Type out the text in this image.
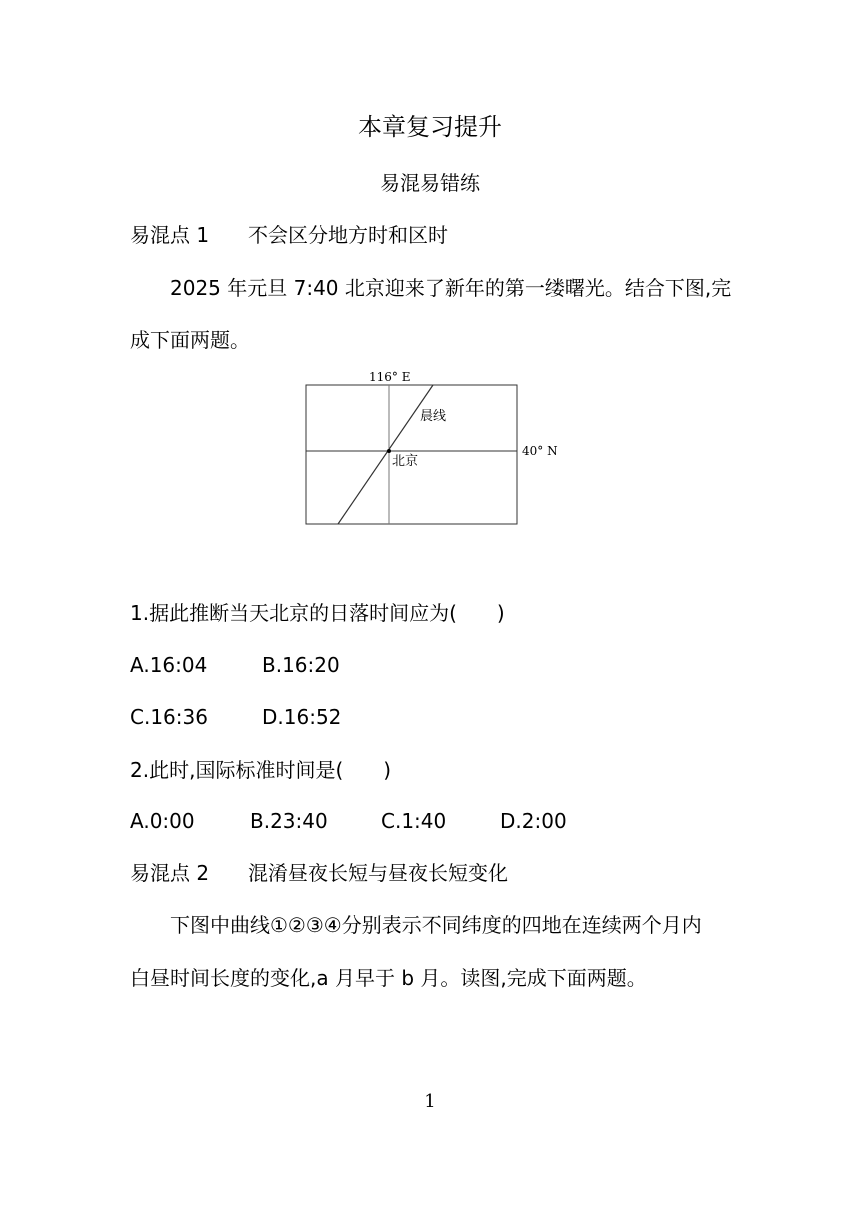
本章复习提升
易混易错练
易混点 1 不会区分地方时和区时
2025 年元旦 7:40 北京迎来了新年的第一缕曙光。结合下图,完
成下面两题。
116° E
40° N
晨线
北京
1.据此推断当天北京的日落时间应为(　　)
A.16:04	B.16:20
C.16:36	D.16:52
2.此时,国际标准时间是(　　)
A.0:00	B.23:40	C.1:40	D.2:00
易混点 2 混淆昼夜长短与昼夜长短变化
下图中曲线①②③④分别表示不同纬度的四地在连续两个月内
白昼时间长度的变化,a 月早于 b 月。读图,完成下面两题。
1
